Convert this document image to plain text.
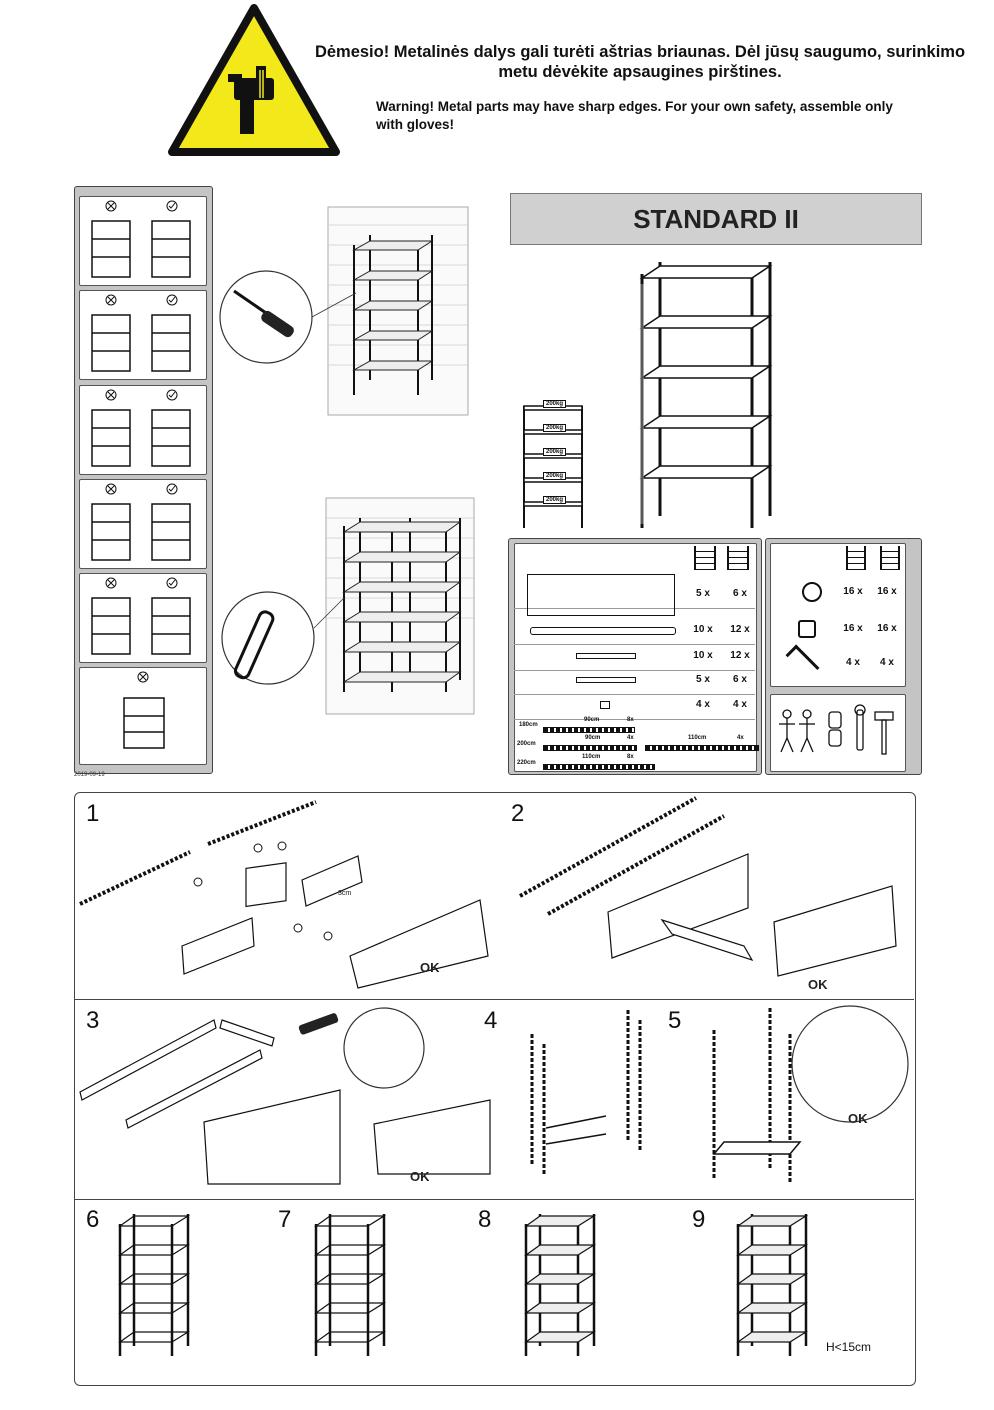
Dėmesio! Metalinės dalys gali turėti aštrias briaunas. Dėl jūsų saugumo, surinkimo metu dėvėkite apsaugines pirštines.
Warning! Metal parts may have sharp edges. For your own safety, assemble only with gloves!
2019-09-19
STANDARD II
200kg
200kg
200kg
200kg
200kg
5 x	6 x
10 x	12 x
10 x	12 x
5 x	6 x
4 x	4 x
180cm
200cm
220cm
90cm	8x
90cm	4x	110cm	4x
110cm	8x
16 x	16 x
16 x	16 x
4 x	4 x
1	2
3	4	5
6	7	8	9
OK
OK
OK
OK
3cm
H<15cm
